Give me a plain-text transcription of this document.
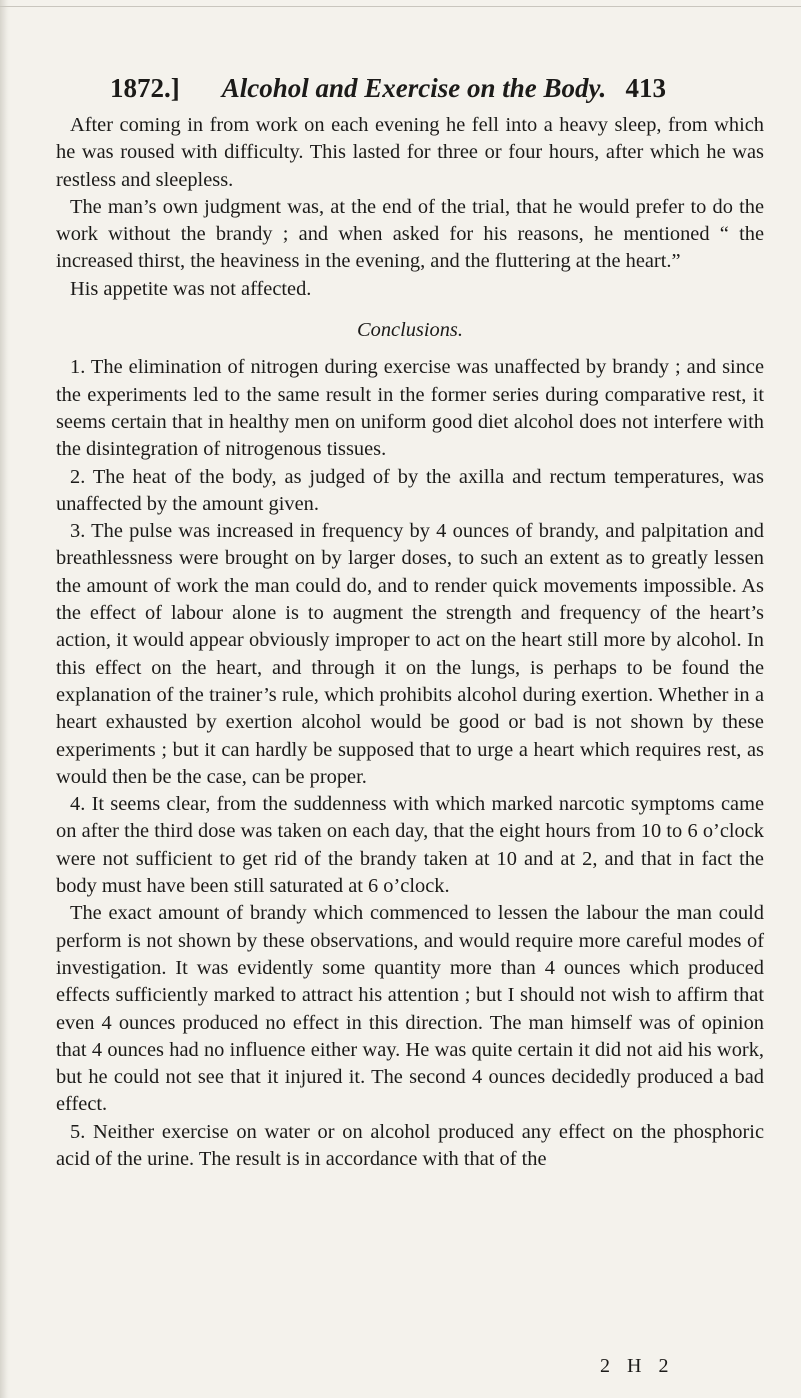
1872.]	Alcohol and Exercise on the Body. 413

After coming in from work on each evening he fell into a heavy sleep, from which he was roused with difficulty. This lasted for three or four hours, after which he was restless and sleepless.

The man’s own judgment was, at the end of the trial, that he would prefer to do the work without the brandy ; and when asked for his reasons, he mentioned “ the increased thirst, the heaviness in the evening, and the fluttering at the heart.”

His appetite was not affected.

Conclusions.

1. The elimination of nitrogen during exercise was unaffected by brandy ; and since the experiments led to the same result in the former series during comparative rest, it seems certain that in healthy men on uniform good diet alcohol does not interfere with the disintegration of nitrogenous tissues.

2. The heat of the body, as judged of by the axilla and rectum temperatures, was unaffected by the amount given.

3. The pulse was increased in frequency by 4 ounces of brandy, and palpitation and breathlessness were brought on by larger doses, to such an extent as to greatly lessen the amount of work the man could do, and to render quick movements impossible. As the effect of labour alone is to augment the strength and frequency of the heart’s action, it would appear obviously improper to act on the heart still more by alcohol. In this effect on the heart, and through it on the lungs, is perhaps to be found the explanation of the trainer’s rule, which prohibits alcohol during exertion. Whether in a heart exhausted by exertion alcohol would be good or bad is not shown by these experiments ; but it can hardly be supposed that to urge a heart which requires rest, as would then be the case, can be proper.

4. It seems clear, from the suddenness with which marked narcotic symptoms came on after the third dose was taken on each day, that the eight hours from 10 to 6 o’clock were not sufficient to get rid of the brandy taken at 10 and at 2, and that in fact the body must have been still saturated at 6 o’clock.

The exact amount of brandy which commenced to lessen the labour the man could perform is not shown by these observations, and would require more careful modes of investigation. It was evidently some quantity more than 4 ounces which produced effects sufficiently marked to attract his attention ; but I should not wish to affirm that even 4 ounces produced no effect in this direction. The man himself was of opinion that 4 ounces had no influence either way. He was quite certain it did not aid his work, but he could not see that it injured it. The second 4 ounces decidedly produced a bad effect.

5. Neither exercise on water or on alcohol produced any effect on the phosphoric acid of the urine. The result is in accordance with that of the

2 H 2
